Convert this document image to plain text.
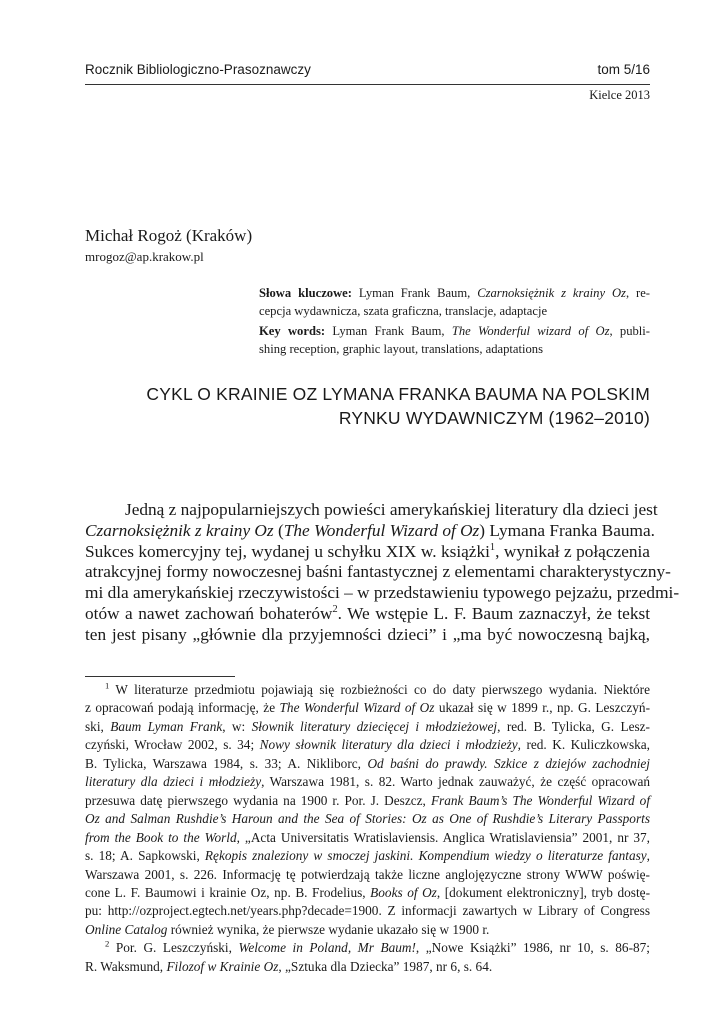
Rocznik Bibliologiczno-Prasoznawczy	tom 5/16
Kielce 2013
Michał Rogoż (Kraków)
mrogoz@ap.krakow.pl
Słowa kluczowe: Lyman Frank Baum, Czarnoksiężnik z krainy Oz, re-
cepcja wydawnicza, szata graficzna, translacje, adaptacje
Key words: Lyman Frank Baum, The Wonderful wizard of Oz, publi-
shing reception, graphic layout, translations, adaptations
CYKL O KRAINIE OZ LYMANA FRANKA BAUMA NA POLSKIM
RYNKU WYDAWNICZYM (1962–2010)
Jedną z najpopularniejszych powieści amerykańskiej literatury dla dzieci jest
Czarnoksiężnik z krainy Oz (The Wonderful Wizard of Oz) Lymana Franka Bauma.
Sukces komercyjny tej, wydanej u schyłku XIX w. książki$^1$, wynikał z połączenia
atrakcyjnej formy nowoczesnej baśni fantastycznej z elementami charakterystyczny-
mi dla amerykańskiej rzeczywistości – w przedstawieniu typowego pejzażu, przedmi-
otów a nawet zachowań bohaterów$^2$. We wstępie L. F. Baum zaznaczył, że tekst
ten jest pisany „głównie dla przyjemności dzieci” i „ma być nowoczesną bajką,
$^1$ W literaturze przedmiotu pojawiają się rozbieżności co do daty pierwszego wydania. Niektóre
z opracowań podają informację, że The Wonderful Wizard of Oz ukazał się w 1899 r., np. G. Leszczyń-
ski, Baum Lyman Frank, w: Słownik literatury dziecięcej i młodzieżowej, red. B. Tylicka, G. Lesz-
czyński, Wrocław 2002, s. 34; Nowy słownik literatury dla dzieci i młodzieży, red. K. Kuliczkowska,
B. Tylicka, Warszawa 1984, s. 33; A. Nikliborc, Od baśni do prawdy. Szkice z dziejów zachodniej
literatury dla dzieci i młodzieży, Warszawa 1981, s. 82. Warto jednak zauważyć, że część opracowań
przesuwa datę pierwszego wydania na 1900 r. Por. J. Deszcz, Frank Baum’s The Wonderful Wizard of
Oz and Salman Rushdie’s Haroun and the Sea of Stories: Oz as One of Rushdie’s Literary Passports
from the Book to the World, „Acta Universitatis Wratislaviensis. Anglica Wratislaviensia” 2001, nr 37,
s. 18; A. Sapkowski, Rękopis znaleziony w smoczej jaskini. Kompendium wiedzy o literaturze fantasy,
Warszawa 2001, s. 226. Informację tę potwierdzają także liczne anglojęzyczne strony WWW poświę-
cone L. F. Baumowi i krainie Oz, np. B. Frodelius, Books of Oz, [dokument elektroniczny], tryb dostę-
pu: http://ozproject.egtech.net/years.php?decade=1900. Z informacji zawartych w Library of Congress
Online Catalog również wynika, że pierwsze wydanie ukazało się w 1900 r.
$^2$ Por. G. Leszczyński, Welcome in Poland, Mr Baum!, „Nowe Książki” 1986, nr 10, s. 86-87;
R. Waksmund, Filozof w Krainie Oz, „Sztuka dla Dziecka” 1987, nr 6, s. 64.
